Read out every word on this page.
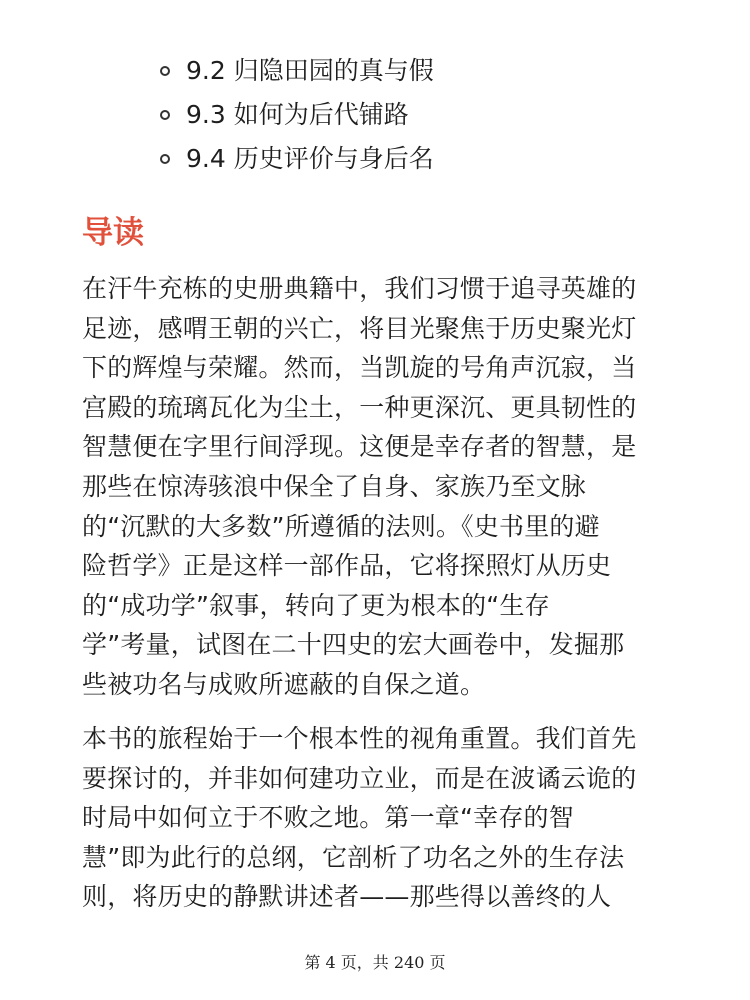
9.2 归隐田园的真与假
9.3 如何为后代铺路
9.4 历史评价与身后名
导读

在汗牛充栋的史册典籍中，我们习惯于追寻英雄的
足迹，感喟王朝的兴亡，将目光聚焦于历史聚光灯
下的辉煌与荣耀。然而，当凯旋的号角声沉寂，当
宫殿的琉璃瓦化为尘土，一种更深沉、更具韧性的
智慧便在字里行间浮现。这便是幸存者的智慧，是
那些在惊涛骇浪中保全了自身、家族乃至文脉
的“沉默的大多数”所遵循的法则。《史书里的避
险哲学》正是这样一部作品，它将探照灯从历史
的“成功学”叙事，转向了更为根本的“生存
学”考量，试图在二十四史的宏大画卷中，发掘那
些被功名与成败所遮蔽的自保之道。

本书的旅程始于一个根本性的视角重置。我们首先
要探讨的，并非如何建功立业，而是在波谲云诡的
时局中如何立于不败之地。第一章“幸存的智
慧”即为此行的总纲，它剖析了功名之外的生存法
则，将历史的静默讲述者——那些得以善终的人

第 4 页，共 240 页
